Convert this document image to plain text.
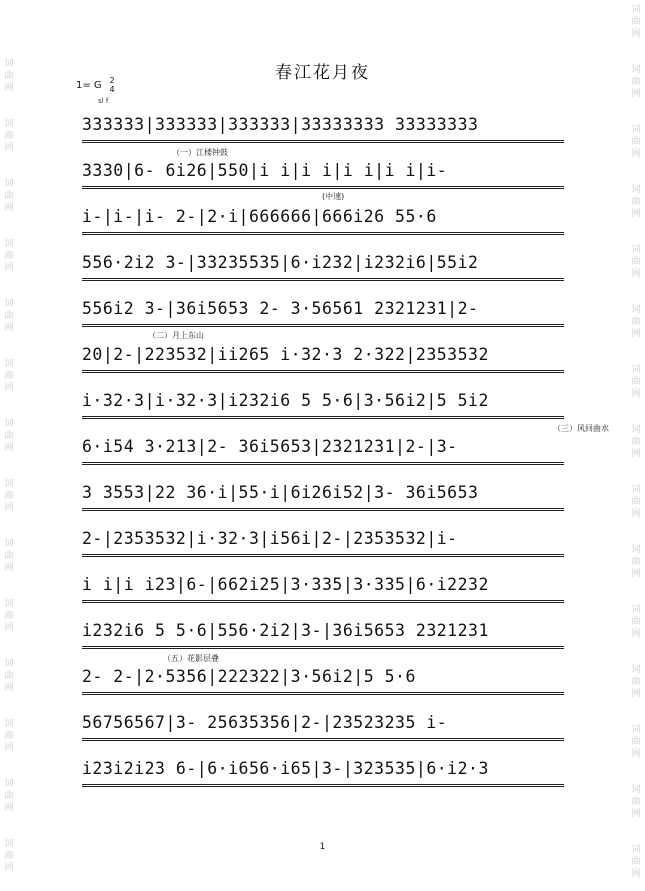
词
曲
网
词
曲
网
词
曲
网
词
曲
网
词
曲
网
词
曲
网
词
曲
网
词
曲
网
词
曲
网
词
曲
网
词
曲
网
词
曲
网
词
曲
网
词
曲
网
词
曲
网
词
曲
网
词
曲
网
词
曲
网
词
曲
网
词
曲
网
词
曲
网
词
曲
网
词
曲
网
词
曲
网
词
曲
网
词
曲
网
词
曲
网
词
曲
网
词
曲
网
春江花月夜
1= G 2
4
sl f
（一）江楼钟鼓
(中速)
（二）月上东山
（三）风回曲水
（五）花影层叠
333333|333333|333333|33333333 33333333
3330|6- 6i26|550|i i|i i|i i|i i|i-
i-|i-|i- 2-|2·i|666666|666i26 55·6
556·2i2 3-|33235535|6·i232|i232i6|55i2
556i2 3-|36i5653 2- 3·56561 2321231|2-
20|2-|223532|ii265 i·32·3 2·322|2353532
i·32·3|i·32·3|i232i6 5 5·6|3·56i2|5 5i2
6·i54 3·213|2- 36i5653|2321231|2-|3-
3 3553|22 36·i|55·i|6i26i52|3- 36i5653
2-|2353532|i·32·3|i56i|2-|2353532|i-
i i|i i23|6-|662i25|3·335|3·335|6·i2232
i232i6 5 5·6|556·2i2|3-|36i5653 2321231
2- 2-|2·5356|222322|3·56i2|5 5·6
56756567|3- 25635356|2-|23523235 i-
i23i2i23 6-|6·i656·i65|3-|323535|6·i2·3
1
